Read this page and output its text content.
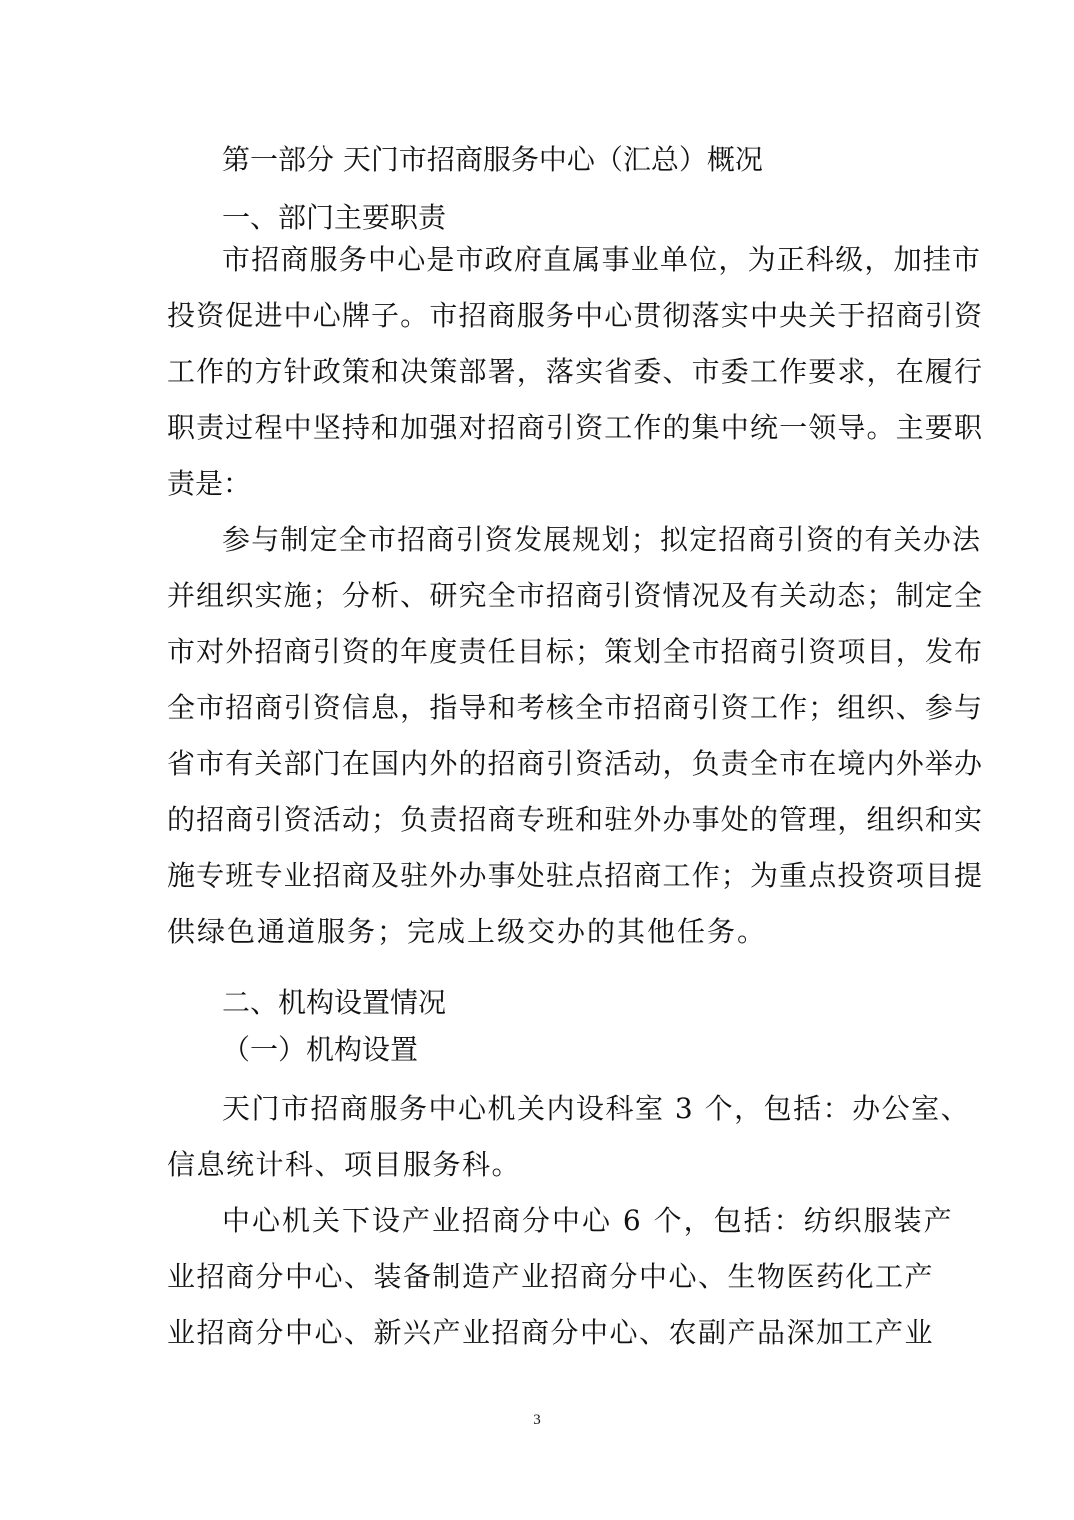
第一部分 天门市招商服务中心（汇总）概况
一、部门主要职责
市招商服务中心是市政府直属事业单位，为正科级，加挂市
投资促进中心牌子。市招商服务中心贯彻落实中央关于招商引资
工作的方针政策和决策部署，落实省委、市委工作要求，在履行
职责过程中坚持和加强对招商引资工作的集中统一领导。主要职
责是：
参与制定全市招商引资发展规划；拟定招商引资的有关办法
并组织实施；分析、研究全市招商引资情况及有关动态；制定全
市对外招商引资的年度责任目标；策划全市招商引资项目，发布
全市招商引资信息，指导和考核全市招商引资工作；组织、参与
省市有关部门在国内外的招商引资活动，负责全市在境内外举办
的招商引资活动；负责招商专班和驻外办事处的管理，组织和实
施专班专业招商及驻外办事处驻点招商工作；为重点投资项目提
供绿色通道服务；完成上级交办的其他任务。
二、机构设置情况
（一）机构设置
天门市招商服务中心机关内设科室 3 个，包括：办公室、
信息统计科、项目服务科。
中心机关下设产业招商分中心 6 个，包括：纺织服装产
业招商分中心、装备制造产业招商分中心、生物医药化工产
业招商分中心、新兴产业招商分中心、农副产品深加工产业
3
